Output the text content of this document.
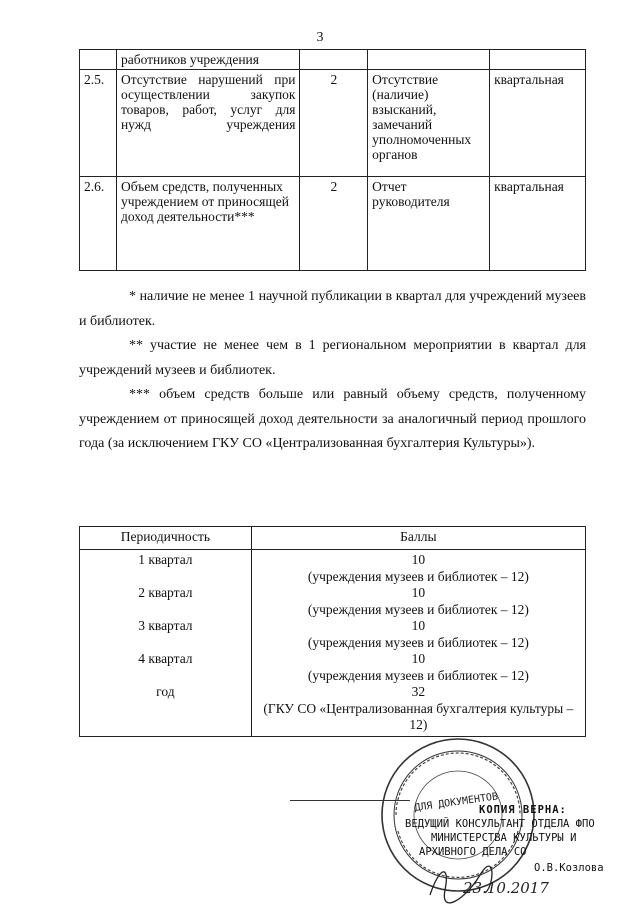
3
	работников учреждения			
2.5.	Отсутствие нарушений при осуществлении закупок товаров, работ, услуг для нужд учреждения	2	Отсутствие (наличие) взысканий, замечаний уполномоченных органов	квартальная
2.6.	Объем средств, полученных учреждением от приносящей доход деятельности***	2	Отчет руководителя	квартальная

* наличие не менее 1 научной публикации в квартал для учреждений музеев и библиотек.

** участие не менее чем в 1 региональном мероприятии в квартал для учреждений музеев и библиотек.

*** объем средств больше или равный объему средств, полученному учреждением от приносящей доход деятельности за аналогичный период прошлого года (за исключением ГКУ СО «Централизованная бухгалтерия Культуры»).

Периодичность	Баллы
1 квартал	10
(учреждения музеев и библиотек – 12)

2 квартал	10
(учреждения музеев и библиотек – 12)

3 квартал	10
(учреждения музеев и библиотек – 12)

4 квартал	10
(учреждения музеев и библиотек – 12)

год	32
(ГКУ СО «Централизованная бухгалтерия культуры – 12)
ДЛЯ ДОКУМЕНТОВ
КОПИЯ ВЕРНА:
ВЕДУЩИЙ КОНСУЛЬТАНТ ОТДЕЛА ФПО
МИНИСТЕРСТВА КУЛЬТУРЫ И
АРХИВНОГО ДЕЛА СО
О.В.Козлова
23.10.2017
